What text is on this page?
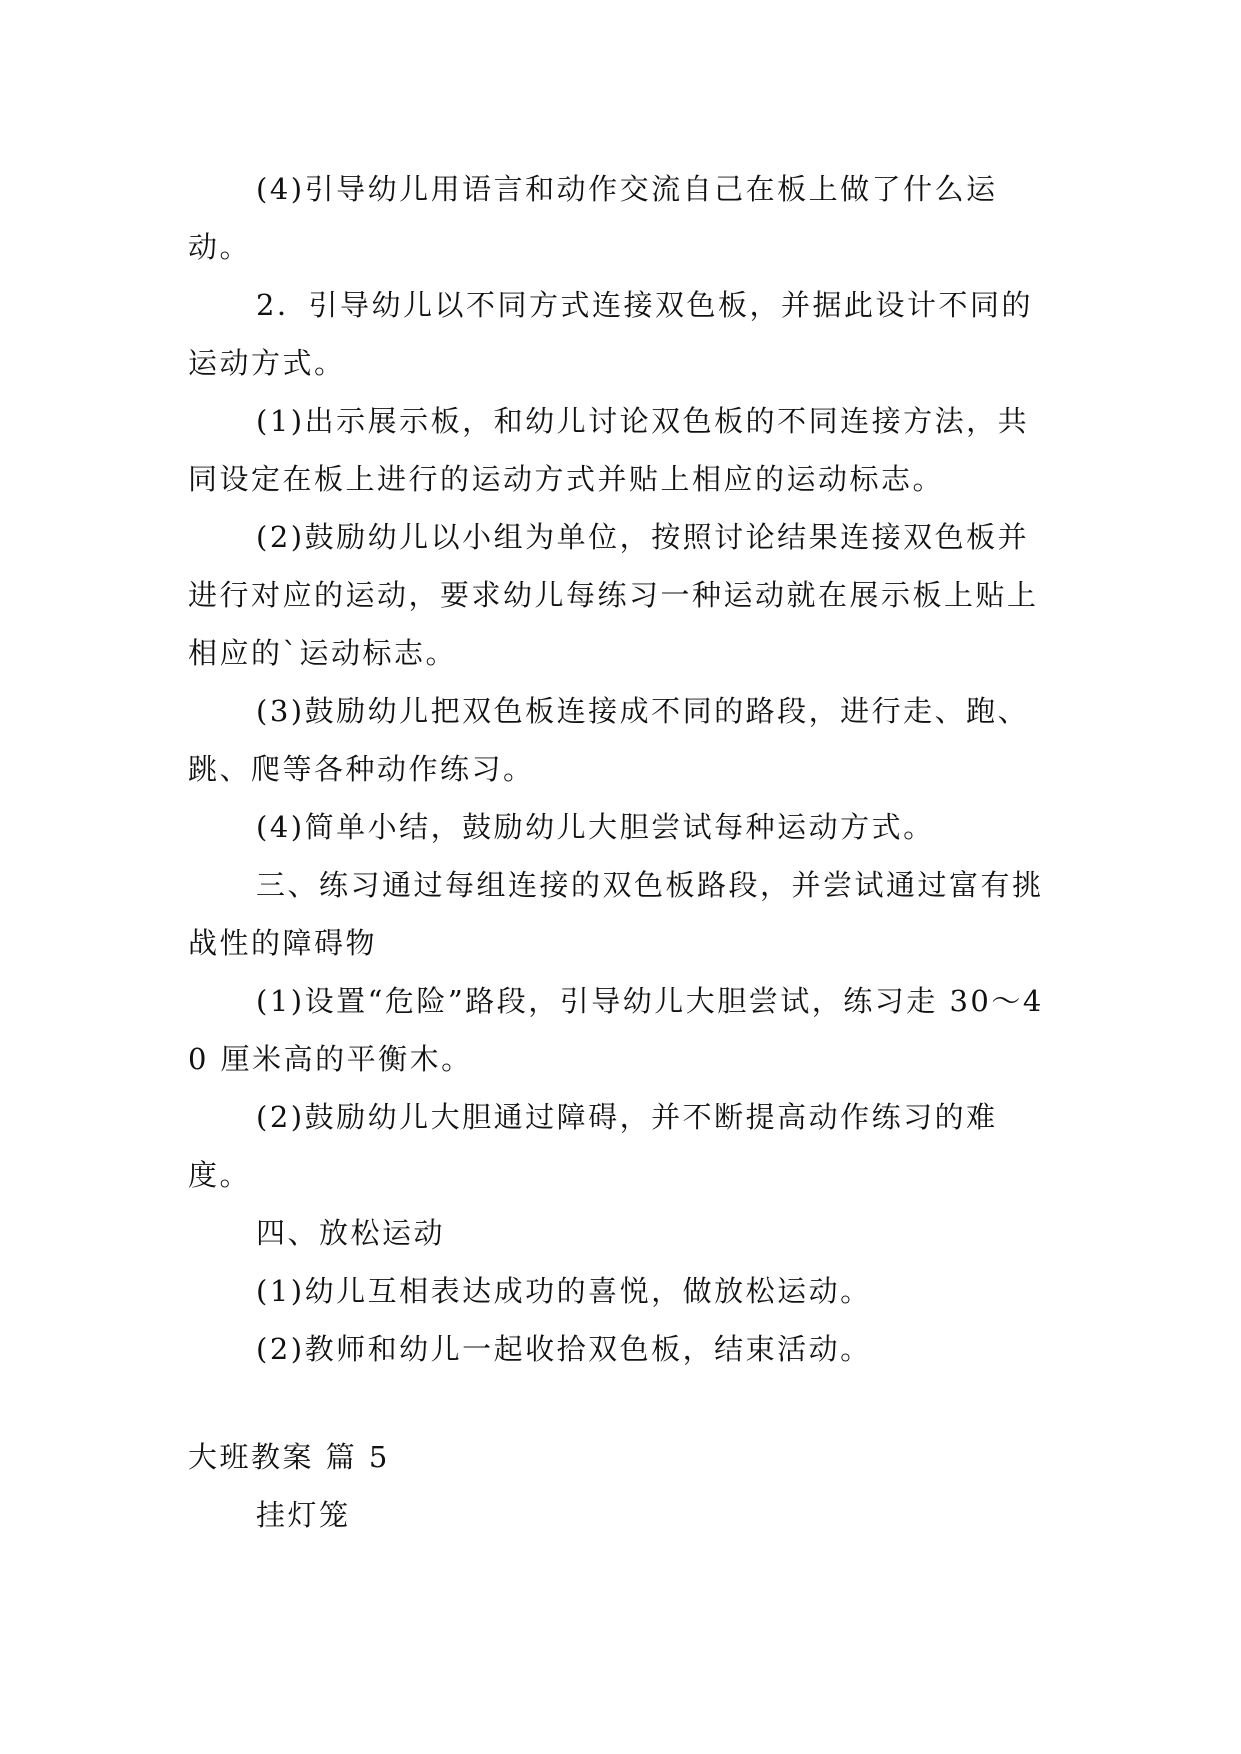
(4)引导幼儿用语言和动作交流自己在板上做了什么运动。

2．引导幼儿以不同方式连接双色板，并据此设计不同的运动方式。

(1)出示展示板，和幼儿讨论双色板的不同连接方法，共同设定在板上进行的运动方式并贴上相应的运动标志。

(2)鼓励幼儿以小组为单位，按照讨论结果连接双色板并进行对应的运动，要求幼儿每练习一种运动就在展示板上贴上相应的`运动标志。

(3)鼓励幼儿把双色板连接成不同的路段，进行走、跑、跳、爬等各种动作练习。

(4)简单小结，鼓励幼儿大胆尝试每种运动方式。

三、练习通过每组连接的双色板路段，并尝试通过富有挑战性的障碍物

(1)设置“危险”路段，引导幼儿大胆尝试，练习走 30～40 厘米高的平衡木。

(2)鼓励幼儿大胆通过障碍，并不断提高动作练习的难度。

四、放松运动

(1)幼儿互相表达成功的喜悦，做放松运动。

(2)教师和幼儿一起收拾双色板，结束活动。

大班教案 篇 5

挂灯笼
